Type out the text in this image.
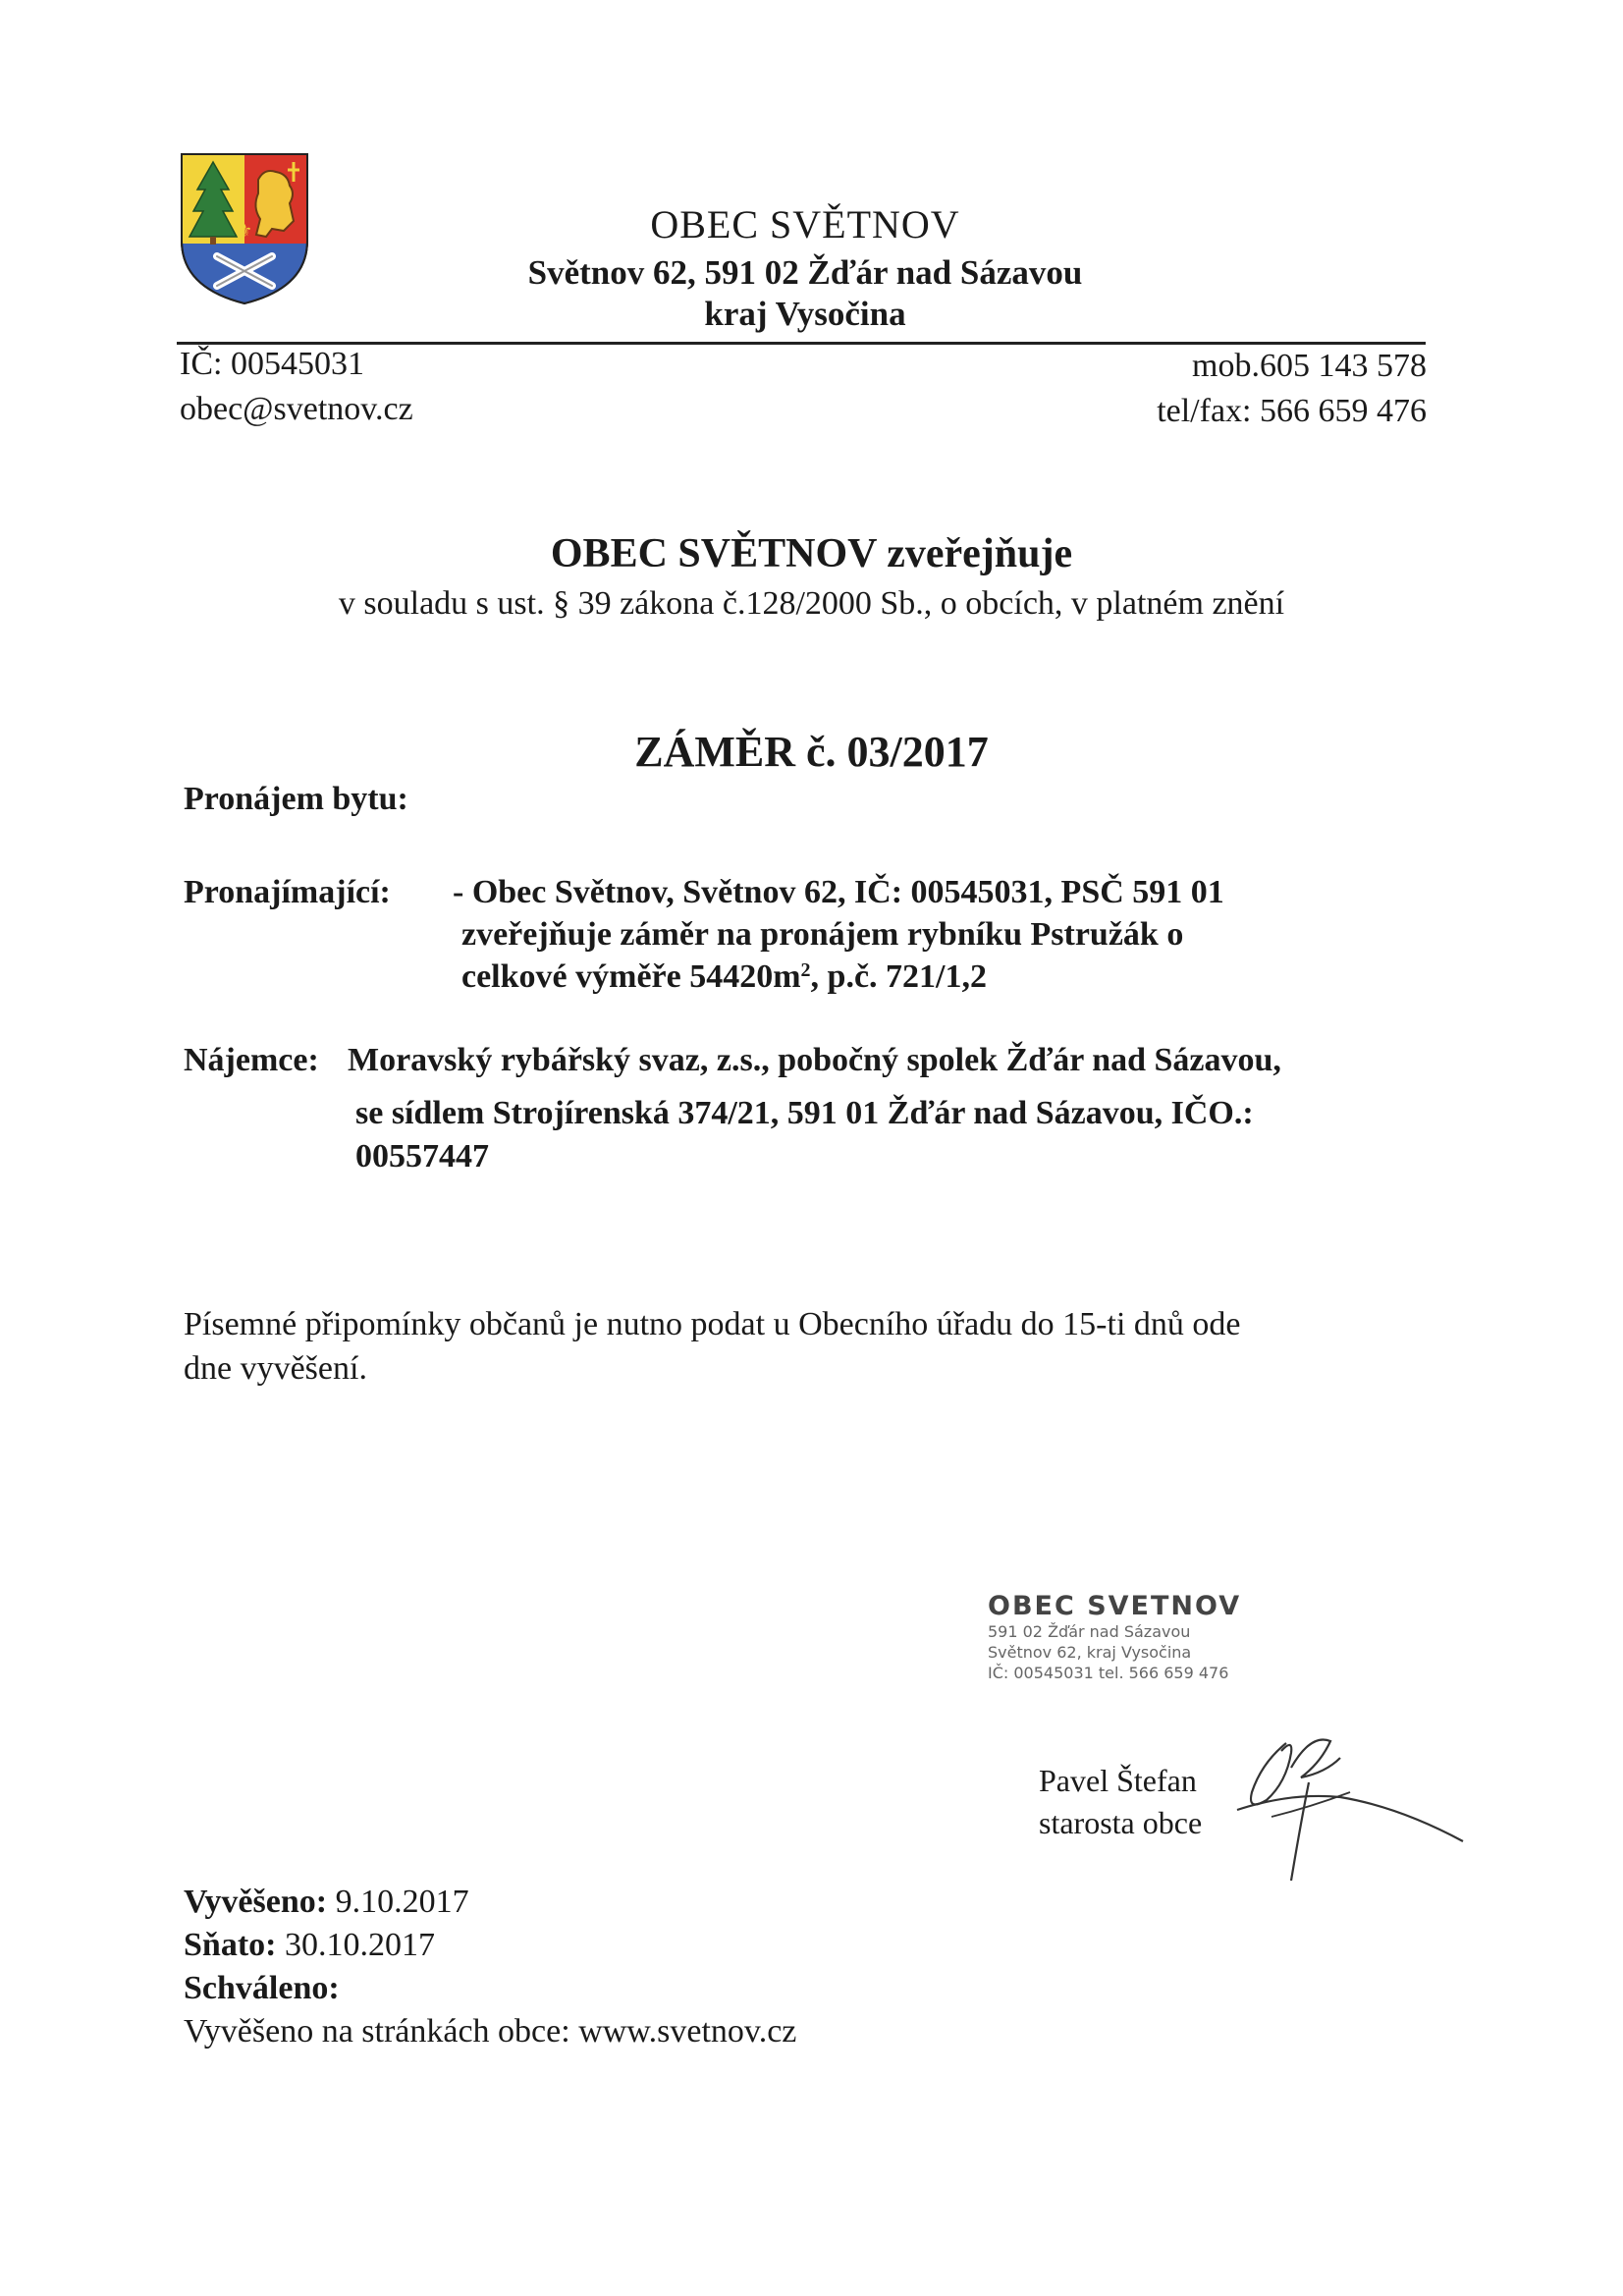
⚜	OBEC SVĚTNOV
Světnov 62, 591 02 Žďár nad Sázavou
kraj Vysočina
IČ: 00545031
obec@svetnov.cz
mob.605 143 578
tel/fax: 566 659 476
OBEC SVĚTNOV zveřejňuje
v souladu s ust. § 39 zákona č.128/2000 Sb., o obcích, v platném znění
ZÁMĚR č. 03/2017
Pronájem bytu:
Pronajímající: - Obec Světnov, Světnov 62, IČ: 00545031, PSČ 591 01
zveřejňuje záměr na pronájem rybníku Pstružák o
celkové výměře $54420m^2$, p.č. 721/1,2
Nájemce: Moravský rybářský svaz, z.s., pobočný spolek Žďár nad Sázavou,
se sídlem Strojírenská 374/21, 591 01 Žďár nad Sázavou, IČO.:
00557447
Písemné připomínky občanů je nutno podat u Obecního úřadu do 15-ti dnů ode
dne vyvěšení.
OBEC SVETNOV
591 02 Žďár nad Sázavou
Světnov 62, kraj Vysočina
IČ: 00545031 tel. 566 659 476
Pavel Štefan
starosta obce
Vyvěšeno: 9.10.2017
Sňato: 30.10.2017
Schváleno:
Vyvěšeno na stránkách obce: www.svetnov.cz
